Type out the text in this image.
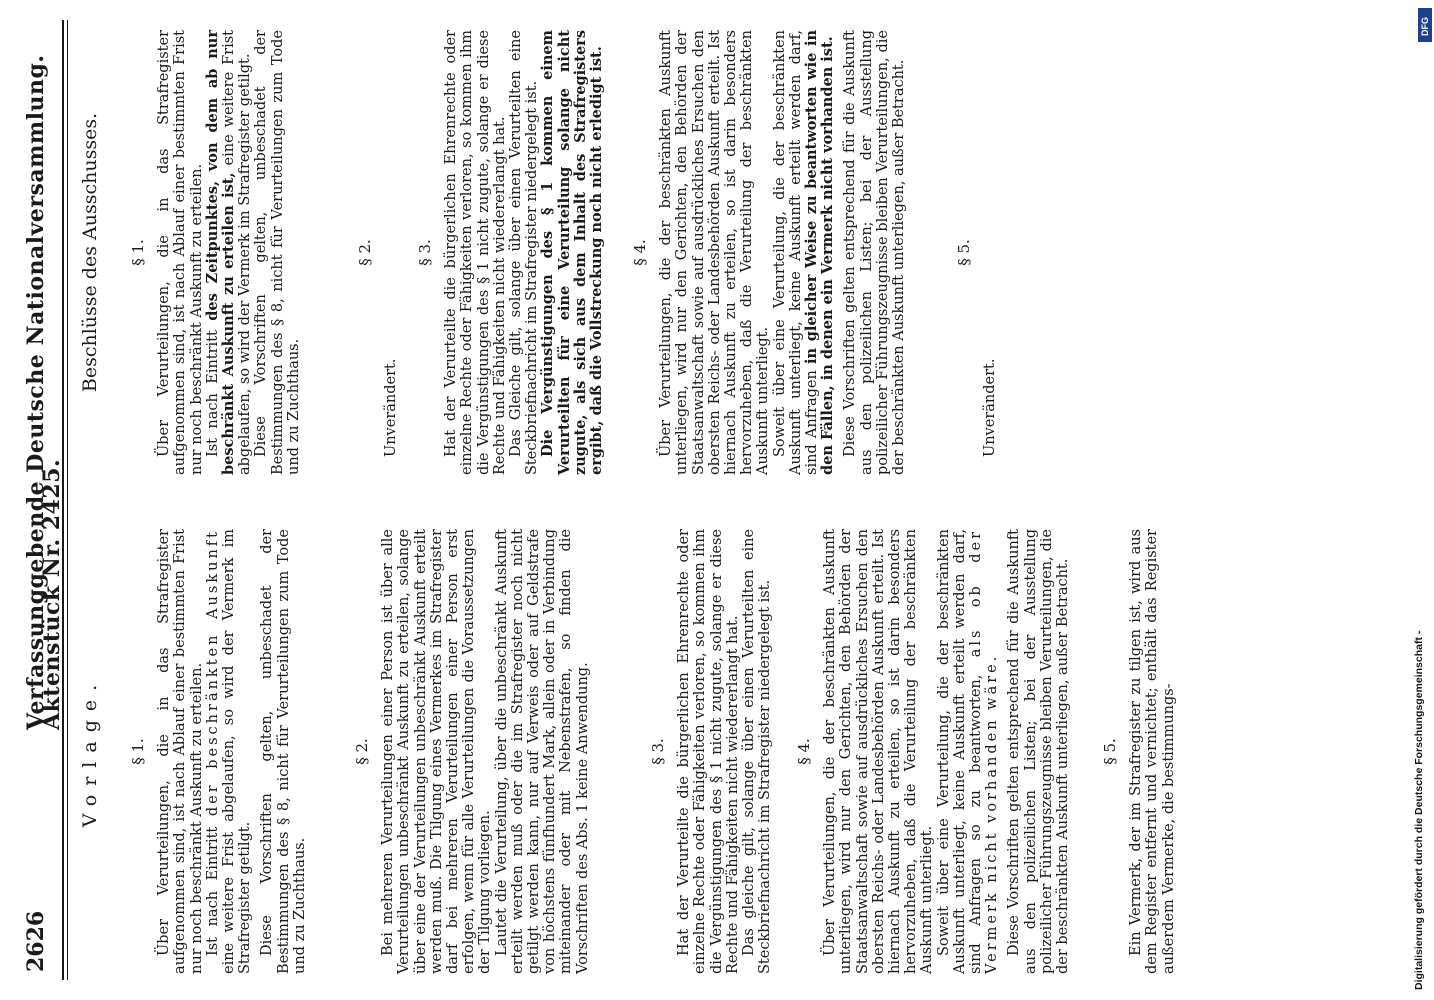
2626
Verfassunggebende Deutsche Nationalversammlung. Aktenstück Nr. 2425.
Vorlage. § 1. Über Verurteilungen, die in das Strafregister aufgenommen sind, ist nach Ablauf einer bestimmten Frist nur noch beschränkt Auskunft zu erteilen. Ist nach Eintritt der beschränkten Auskunft eine weitere Frist abgelaufen, so wird der Vermerk im Strafregister getilgt. Diese Vorschriften gelten, unbeschadet der Bestimmungen des § 8, nicht für Verurteilungen zum Tode und zu Zuchthaus.

§ 2. Bei mehreren Verurteilungen einer Person ist über alle Verurteilungen unbeschränkt Auskunft zu erteilen, solange über eine der Verurteilungen unbeschränkt Auskunft erteilt werden muß. Die Tilgung eines Vermerkes im Strafregister darf bei mehreren Verurteilungen einer Person erst erfolgen, wenn für alle Verurteilungen die Voraussetzungen der Tilgung vorliegen. Lautet die Verurteilung, über die unbeschränkt Auskunft erteilt werden muß oder die im Strafregister noch nicht getilgt werden kann, nur auf Verweis oder auf Geldstrafe von höchstens fünfhundert Mark, allein oder in Verbindung miteinander oder mit Nebenstrafen, so finden die Vorschriften des Abs. 1 keine Anwendung.	§ 3. Hat der Verurteilte die bürgerlichen Ehrenrechte oder einzelne Rechte oder Fähigkeiten verloren, so kommen ihm die Vergünstigungen des § 1 nicht zugute, solange er diese Rechte und Fähigkeiten nicht wiedererlangt hat. Das gleiche gilt, solange über einen Verurteilten eine Steckbriefnachricht im Strafregister niedergelegt ist. § 4. Über Verurteilungen, die der beschränkten Auskunft unterliegen, wird nur den Gerichten, den Behörden der Staatsanwaltschaft sowie auf ausdrückliches Ersuchen den obersten Reichs- oder Landesbehörden Auskunft erteilt. Ist hiernach Auskunft zu erteilen, so ist darin besonders hervorzuheben, daß die Verurteilung der beschränkten Auskunft unterliegt. Soweit über eine Verurteilung, die der beschränkten Auskunft unterliegt, keine Auskunft erteilt werden darf, sind Anfragen so zu beantworten, als ob der Vermerk nicht vorhanden wäre. Diese Vorschriften gelten entsprechend für die Auskunft aus den polizeilichen Listen; bei der Ausstellung polizeilicher Führungszeugnisse bleiben Verurteilungen, die der beschränkten Auskunft unterliegen, außer Betracht. § 5. Ein Vermerk, der im Strafregister zu tilgen ist, wird aus dem Register entfernt und vernichtet; enthält das Register außerdem Vermerke, die bestimmungs-

Beschlüsse des Ausschusses. § 1. Über Verurteilungen, die in das Strafregister aufgenommen sind, ist nach Ablauf einer bestimmten Frist nur noch beschränkt Auskunft zu erteilen. Ist nach Eintritt des Zeitpunktes, von dem ab nur beschränkt Auskunft zu erteilen ist, eine weitere Frist abgelaufen, so wird der Vermerk im Strafregister getilgt. Diese Vorschriften gelten, unbeschadet der Bestimmungen des § 8, nicht für Verurteilungen zum Tode und zu Zuchthaus.

§ 2.

Unverändert.

§ 3. Hat der Verurteilte die bürgerlichen Ehrenrechte oder einzelne Rechte oder Fähigkeiten verloren, so kommen ihm die Vergünstigungen des § 1 nicht zugute, solange er diese Rechte und Fähigkeiten nicht wiedererlangt hat. Das Gleiche gilt, solange über einen Verurteilten eine Steckbriefnachricht im Strafregister niedergelegt ist. Die Vergünstigungen des § 1 kommen einem Verurteilten für eine Verurteilung solange nicht zugute, als sich aus dem Inhalt des Strafregisters ergibt, daß die Vollstreckung noch nicht erledigt ist. § 4. Über Verurteilungen, die der beschränkten Auskunft unterliegen, wird nur den Gerichten, den Behörden der Staatsanwaltschaft sowie auf ausdrückliches Ersuchen den obersten Reichs- oder Landesbehörden Auskunft erteilt. Ist hiernach Auskunft zu erteilen, so ist darin besonders hervorzuheben, daß die Verurteilung der beschränkten Auskunft unterliegt. Soweit über eine Verurteilung, die der beschränkten Auskunft unterliegt, keine Auskunft erteilt werden darf, sind Anfragen in gleicher Weise zu beantworten wie in den Fällen, in denen ein Vermerk nicht vorhanden ist. Diese Vorschriften gelten entsprechend für die Auskunft aus den polizeilichen Listen; bei der Ausstellung polizeilicher Führungszeugnisse bleiben Verurteilungen, die der beschränkten Auskunft unterliegen, außer Betracht.	§ 5.

Unverändert.

Digitalisierung gefördert durch die Deutsche Forschungsgemeinschaft -
DFG
